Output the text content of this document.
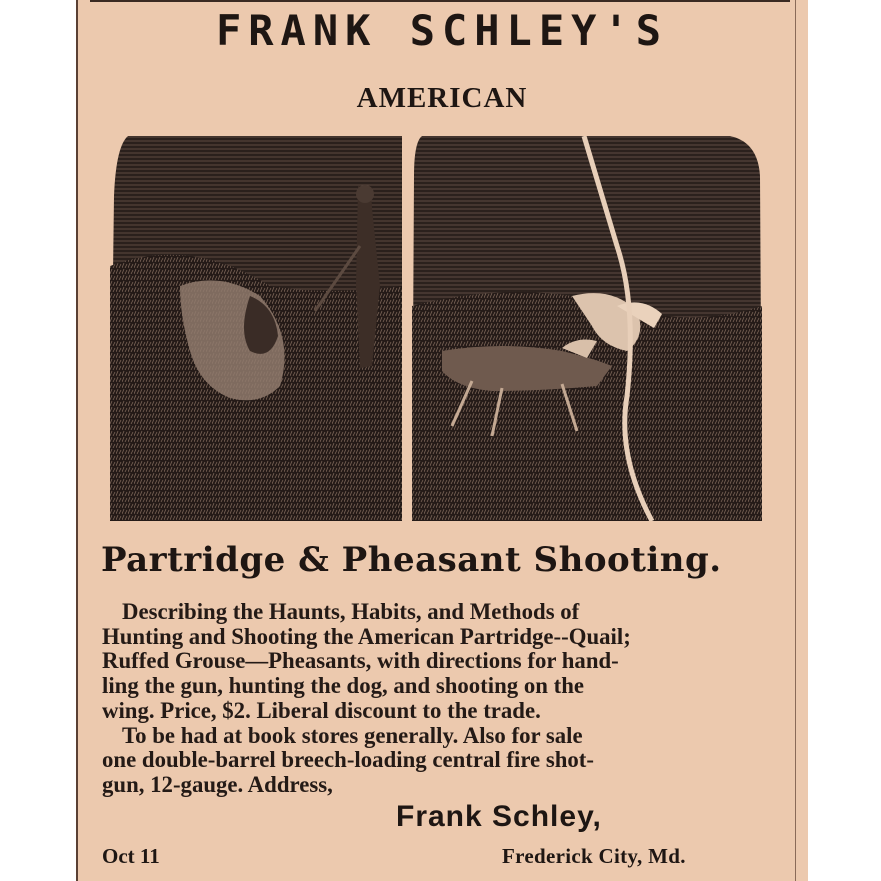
FRANK SCHLEY'S
AMERICAN
Partridge & Pheasant Shooting.
Describing the Haunts, Habits, and Methods of
Hunting and Shooting the American Partridge--Quail;
Ruffed Grouse—Pheasants, with directions for hand-
ling the gun, hunting the dog, and shooting on the
wing. Price, $2. Liberal discount to the trade.
To be had at book stores generally. Also for sale
one double-barrel breech-loading central fire shot-
gun, 12-gauge. Address,
Frank Schley,
Oct 11	Frederick City, Md.
